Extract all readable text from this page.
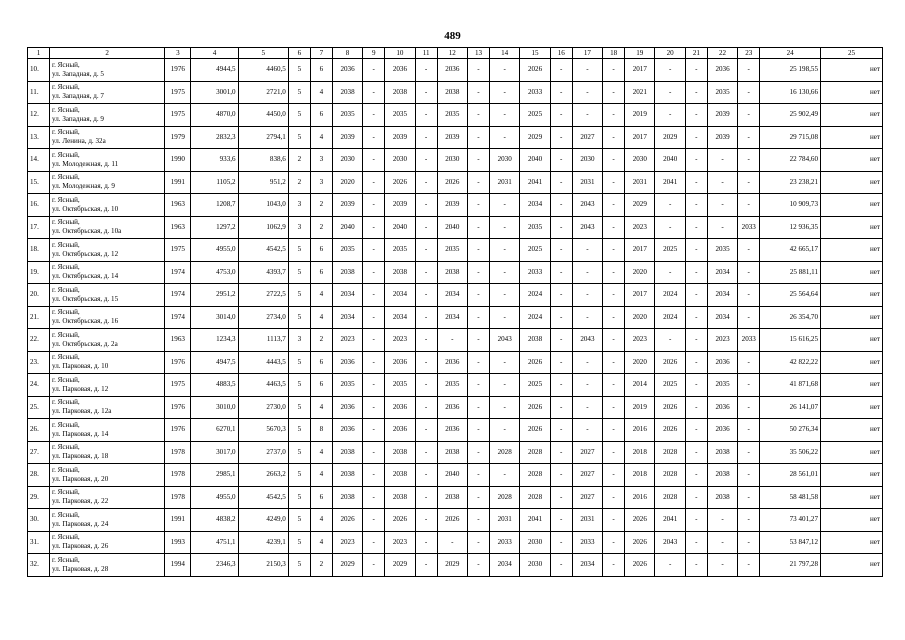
489
1	2	3	4	5	6	7	8	9	10	11	12	13	14	15	16	17	18	19	20	21	22	23	24	25
10.	г. Ясный,
ул. Западная, д. 5	1976	4944,5	4460,5	5	6	2036	-	2036	-	2036	-	-	2026	-	-	-	2017	-	-	2036	-	25 198,55	нет
11.	г. Ясный,
ул. Западная, д. 7	1975	3001,0	2721,0	5	4	2038	-	2038	-	2038	-	-	2033	-	-	-	2021	-	-	2035	-	16 130,66	нет
12.	г. Ясный,
ул. Западная, д. 9	1975	4870,0	4450,0	5	6	2035	-	2035	-	2035	-	-	2025	-	-	-	2019	-	-	2039	-	25 902,49	нет
13.	г. Ясный,
ул. Ленина, д. 32а	1979	2832,3	2794,1	5	4	2039	-	2039	-	2039	-	-	2029	-	2027	-	2017	2029	-	2039	-	29 715,08	нет
14.	г. Ясный,
ул. Молодежная, д. 11	1990	933,6	838,6	2	3	2030	-	2030	-	2030	-	2030	2040	-	2030	-	2030	2040	-	-	-	22 784,60	нет
15.	г. Ясный,
ул. Молодежная, д. 9	1991	1105,2	951,2	2	3	2020	-	2026	-	2026	-	2031	2041	-	2031	-	2031	2041	-	-	-	23 238,21	нет
16.	г. Ясный,
ул. Октябрьская, д. 10	1963	1208,7	1043,0	3	2	2039	-	2039	-	2039	-	-	2034	-	2043	-	2029	-	-	-	-	10 909,73	нет
17.	г. Ясный,
ул. Октябрьская, д. 10а	1963	1297,2	1062,9	3	2	2040	-	2040	-	2040	-	-	2035	-	2043	-	2023	-	-	-	2033	12 936,35	нет
18.	г. Ясный,
ул. Октябрьская, д. 12	1975	4955,0	4542,5	5	6	2035	-	2035	-	2035	-	-	2025	-	-	-	2017	2025	-	2035	-	42 665,17	нет
19.	г. Ясный,
ул. Октябрьская, д. 14	1974	4753,0	4393,7	5	6	2038	-	2038	-	2038	-	-	2033	-	-	-	2020	-	-	2034	-	25 881,11	нет
20.	г. Ясный,
ул. Октябрьская, д. 15	1974	2951,2	2722,5	5	4	2034	-	2034	-	2034	-	-	2024	-	-	-	2017	2024	-	2034	-	25 564,64	нет
21.	г. Ясный,
ул. Октябрьская, д. 16	1974	3014,0	2734,0	5	4	2034	-	2034	-	2034	-	-	2024	-	-	-	2020	2024	-	2034	-	26 354,70	нет
22.	г. Ясный,
ул. Октябрьская, д. 2а	1963	1234,3	1113,7	3	2	2023	-	2023	-	-	-	2043	2038	-	2043	-	2023	-	-	2023	2033	15 616,25	нет
23.	г. Ясный,
ул. Парковая, д. 10	1976	4947,5	4443,5	5	6	2036	-	2036	-	2036	-	-	2026	-	-	-	2020	2026	-	2036	-	42 822,22	нет
24.	г. Ясный,
ул. Парковая, д. 12	1975	4883,5	4463,5	5	6	2035	-	2035	-	2035	-	-	2025	-	-	-	2014	2025	-	2035	-	41 871,68	нет
25.	г. Ясный,
ул. Парковая, д. 12а	1976	3010,0	2730,0	5	4	2036	-	2036	-	2036	-	-	2026	-	-	-	2019	2026	-	2036	-	26 141,07	нет
26.	г. Ясный,
ул. Парковая, д. 14	1976	6270,1	5670,3	5	8	2036	-	2036	-	2036	-	-	2026	-	-	-	2016	2026	-	2036	-	50 276,34	нет
27.	г. Ясный,
ул. Парковая, д. 18	1978	3017,0	2737,0	5	4	2038	-	2038	-	2038	-	2028	2028	-	2027	-	2018	2028	-	2038	-	35 506,22	нет
28.	г. Ясный,
ул. Парковая, д. 20	1978	2985,1	2663,2	5	4	2038	-	2038	-	2040	-	-	2028	-	2027	-	2018	2028	-	2038	-	28 561,01	нет
29.	г. Ясный,
ул. Парковая, д. 22	1978	4955,0	4542,5	5	6	2038	-	2038	-	2038	-	2028	2028	-	2027	-	2016	2028	-	2038	-	58 481,58	нет
30.	г. Ясный,
ул. Парковая, д. 24	1991	4838,2	4249,0	5	4	2026	-	2026	-	2026	-	2031	2041	-	2031	-	2026	2041	-	-	-	73 401,27	нет
31.	г. Ясный,
ул. Парковая, д. 26	1993	4751,1	4239,1	5	4	2023	-	2023	-	-	-	2033	2030	-	2033	-	2026	2043	-	-	-	53 847,12	нет
32.	г. Ясный,
ул. Парковая, д. 28	1994	2346,3	2150,3	5	2	2029	-	2029	-	2029	-	2034	2030	-	2034	-	2026	-	-	-	-	21 797,28	нет
